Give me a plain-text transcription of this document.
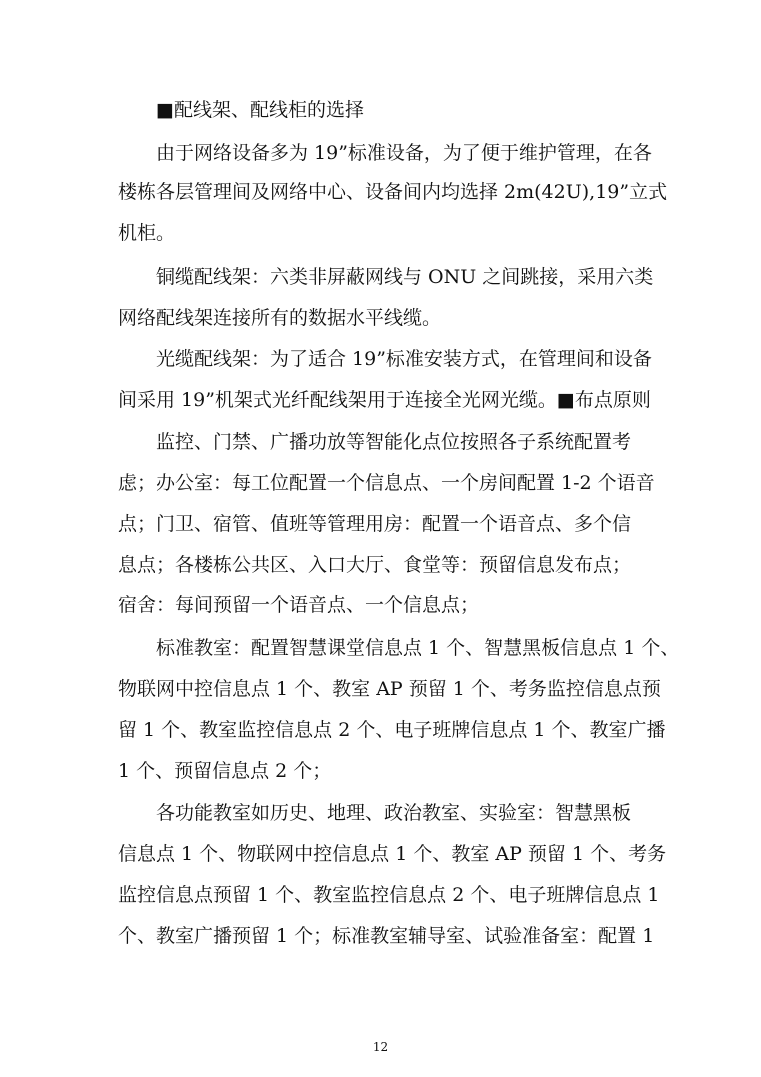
■配线架、配线柜的选择
由于网络设备多为 19”标准设备，为了便于维护管理，在各
楼栋各层管理间及网络中心、设备间内均选择 2m(42U),19”立式
机柜。
铜缆配线架：六类非屏蔽网线与 ONU 之间跳接，采用六类
网络配线架连接所有的数据水平线缆。
光缆配线架：为了适合 19”标准安装方式，在管理间和设备
间采用 19”机架式光纤配线架用于连接全光网光缆。■布点原则
监控、门禁、广播功放等智能化点位按照各子系统配置考
虑；办公室：每工位配置一个信息点、一个房间配置 1-2 个语音
点；门卫、宿管、值班等管理用房：配置一个语音点、多个信
息点；各楼栋公共区、入口大厅、食堂等：预留信息发布点；
宿舍：每间预留一个语音点、一个信息点；
标准教室：配置智慧课堂信息点 1 个、智慧黑板信息点 1 个、
物联网中控信息点 1 个、教室 AP 预留 1 个、考务监控信息点预
留 1 个、教室监控信息点 2 个、电子班牌信息点 1 个、教室广播
1 个、预留信息点 2 个；
各功能教室如历史、地理、政治教室、实验室：智慧黑板
信息点 1 个、物联网中控信息点 1 个、教室 AP 预留 1 个、考务
监控信息点预留 1 个、教室监控信息点 2 个、电子班牌信息点 1
个、教室广播预留 1 个；标准教室辅导室、试验准备室：配置 1
12
